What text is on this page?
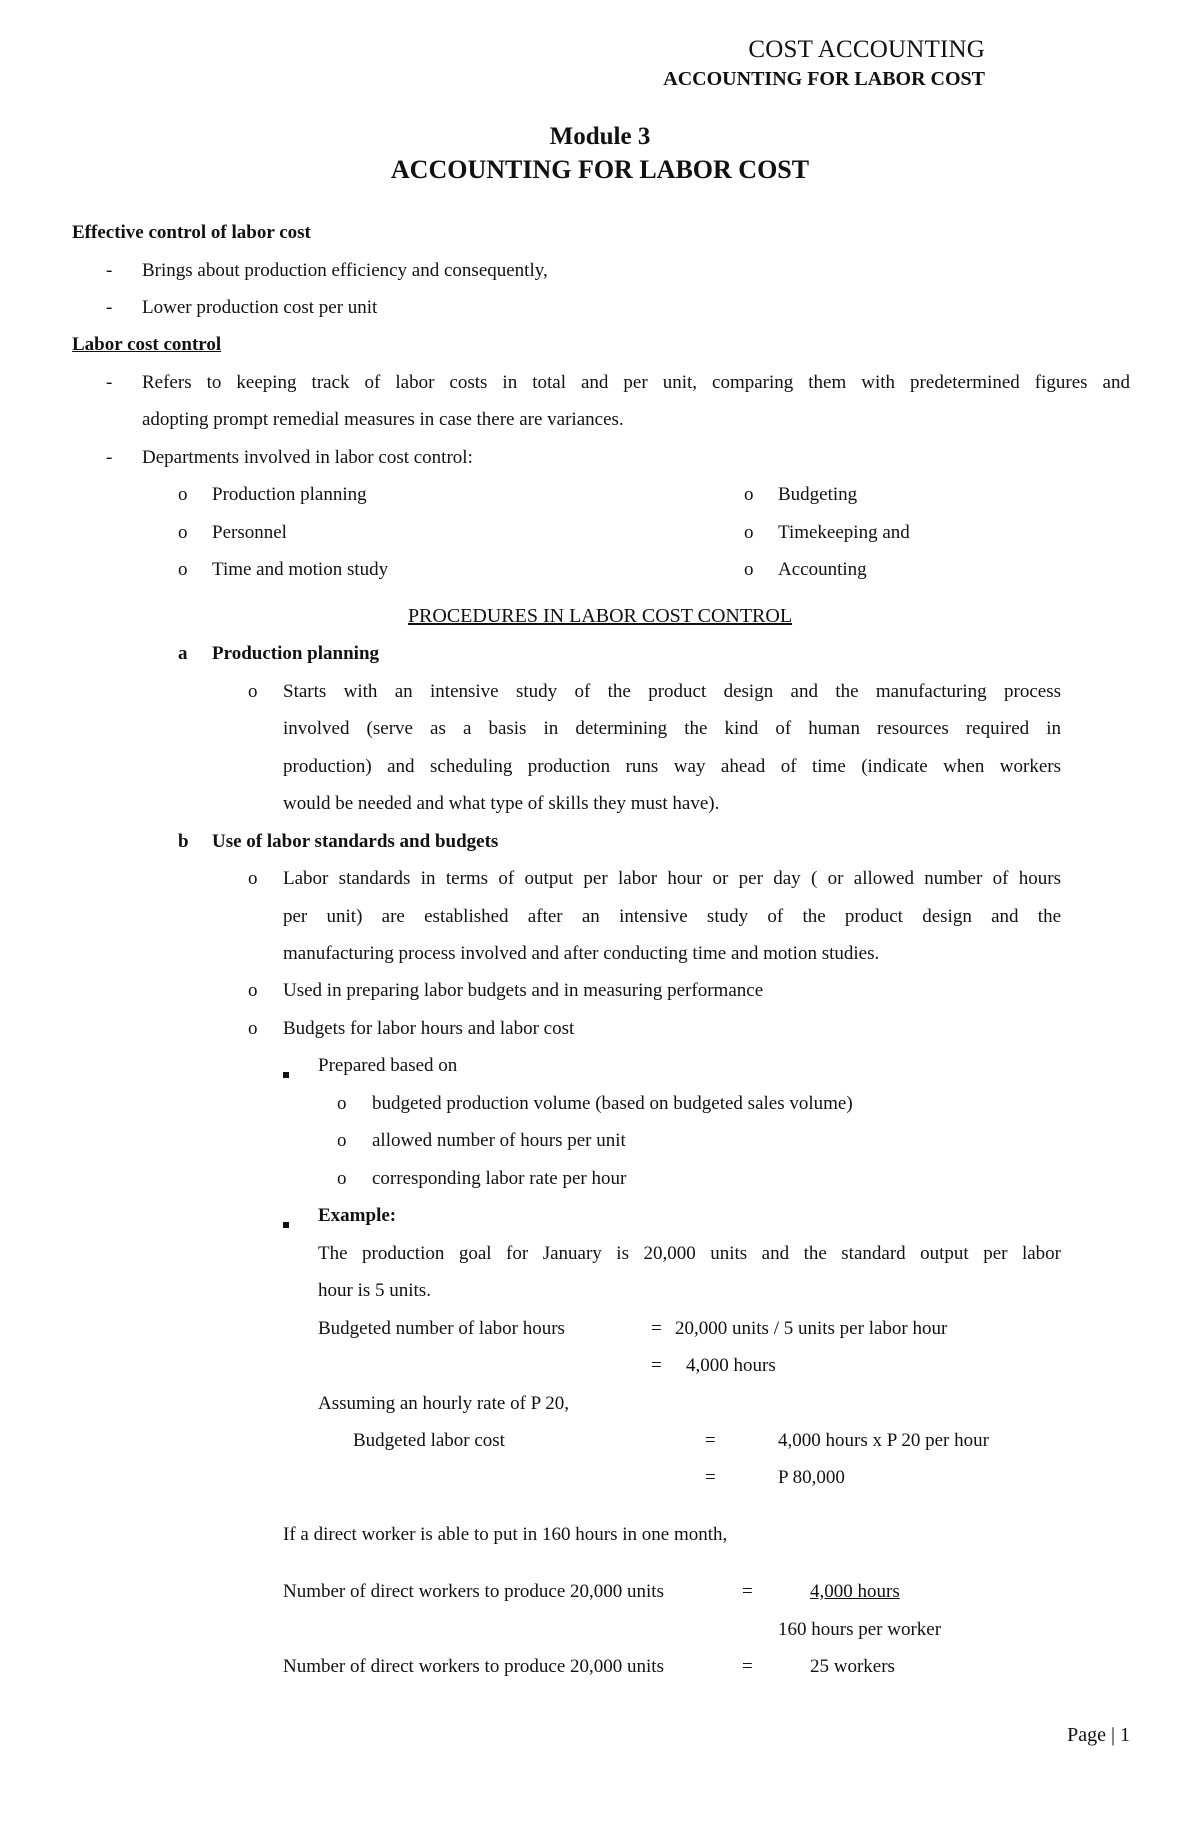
COST ACCOUNTING
ACCOUNTING FOR LABOR COST
Module 3
ACCOUNTING FOR LABOR COST
Effective control of labor cost
- Brings about production efficiency and consequently,
- Lower production cost per unit
Labor cost control
- Refers to keeping track of labor costs in total and per unit, comparing them with predetermined figures and
adopting prompt remedial measures in case there are variances.
- Departments involved in labor cost control:
o Production planning
o Personnel
o Time and motion study
o Budgeting
o Timekeeping and
o Accounting
PROCEDURES IN LABOR COST CONTROL
a Production planning
o Starts with an intensive study of the product design and the manufacturing process
involved (serve as a basis in determining the kind of human resources required in
production) and scheduling production runs way ahead of time (indicate when workers
would be needed and what type of skills they must have).
b Use of labor standards and budgets
o Labor standards in terms of output per labor hour or per day ( or allowed number of hours
per unit) are established after an intensive study of the product design and the
manufacturing process involved and after conducting time and motion studies.
o Used in preparing labor budgets and in measuring performance
o Budgets for labor hours and labor cost
Prepared based on
o budgeted production volume (based on budgeted sales volume)
o allowed number of hours per unit
o corresponding labor rate per hour
Example:
The production goal for January is 20,000 units and the standard output per labor
hour is 5 units.
Budgeted number of labor hours	= 20,000 units / 5 units per labor hour
= 4,000 hours
Assuming an hourly rate of P 20,
Budgeted labor cost	=	4,000 hours x P 20 per hour
=	P 80,000
If a direct worker is able to put in 160 hours in one month,
Number of direct workers to produce 20,000 units	=	4,000 hours
160 hours per worker
Number of direct workers to produce 20,000 units	=	25 workers
Page | 1
